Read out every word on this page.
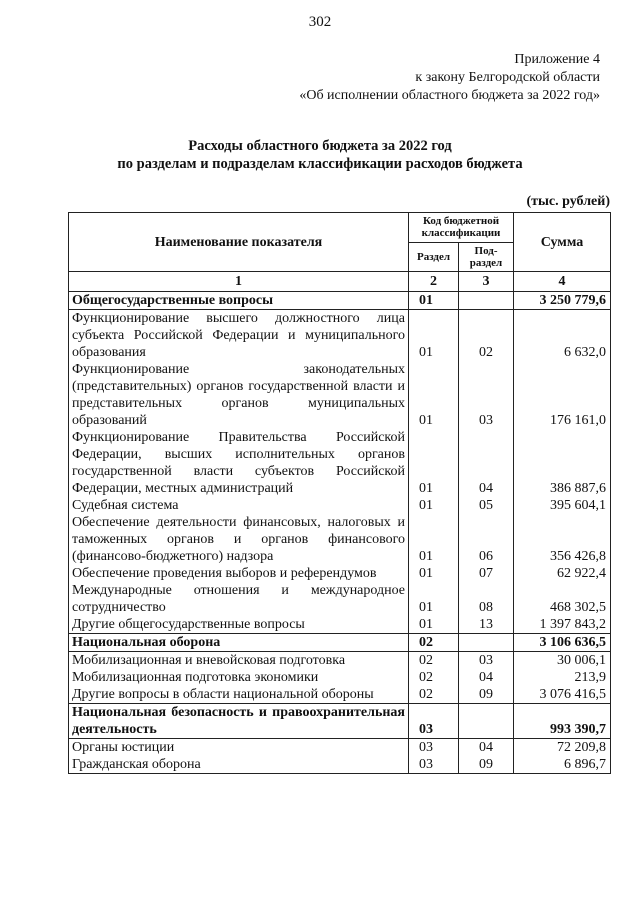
302
Приложение 4
к закону Белгородской области
«Об исполнении областного бюджета за 2022 год»
Расходы областного бюджета за 2022 год
по разделам и подразделам классификации расходов бюджета
(тыс. рублей)
Наименование показателя	Код бюджетной классификации		Сумма
	Раздел	Под-раздел	
1	2	3	4
Общегосударственные вопросы	01		3 250 779,6
Функционирование высшего должностного лица субъекта Российской Федерации и муниципального образования	01	02	6 632,0
Функционирование законодательных (представительных) органов государственной власти и представительных органов муниципальных образований	01	03	176 161,0
Функционирование Правительства Российской Федерации, высших исполнительных органов государственной власти субъектов Российской Федерации, местных администраций	01	04	386 887,6
Судебная система	01	05	395 604,1
Обеспечение деятельности финансовых, налоговых и таможенных органов и органов финансового (финансово-бюджетного) надзора	01	06	356 426,8
Обеспечение проведения выборов и референдумов	01	07	62 922,4
Международные отношения и международное сотрудничество	01	08	468 302,5
Другие общегосударственные вопросы	01	13	1 397 843,2
Национальная оборона	02		3 106 636,5
Мобилизационная и вневойсковая подготовка	02	03	30 006,1
Мобилизационная подготовка экономики	02	04	213,9
Другие вопросы в области национальной обороны	02	09	3 076 416,5
Национальная безопасность и правоохранительная деятельность	03		993 390,7
Органы юстиции	03	04	72 209,8
Гражданская оборона	03	09	6 896,7
